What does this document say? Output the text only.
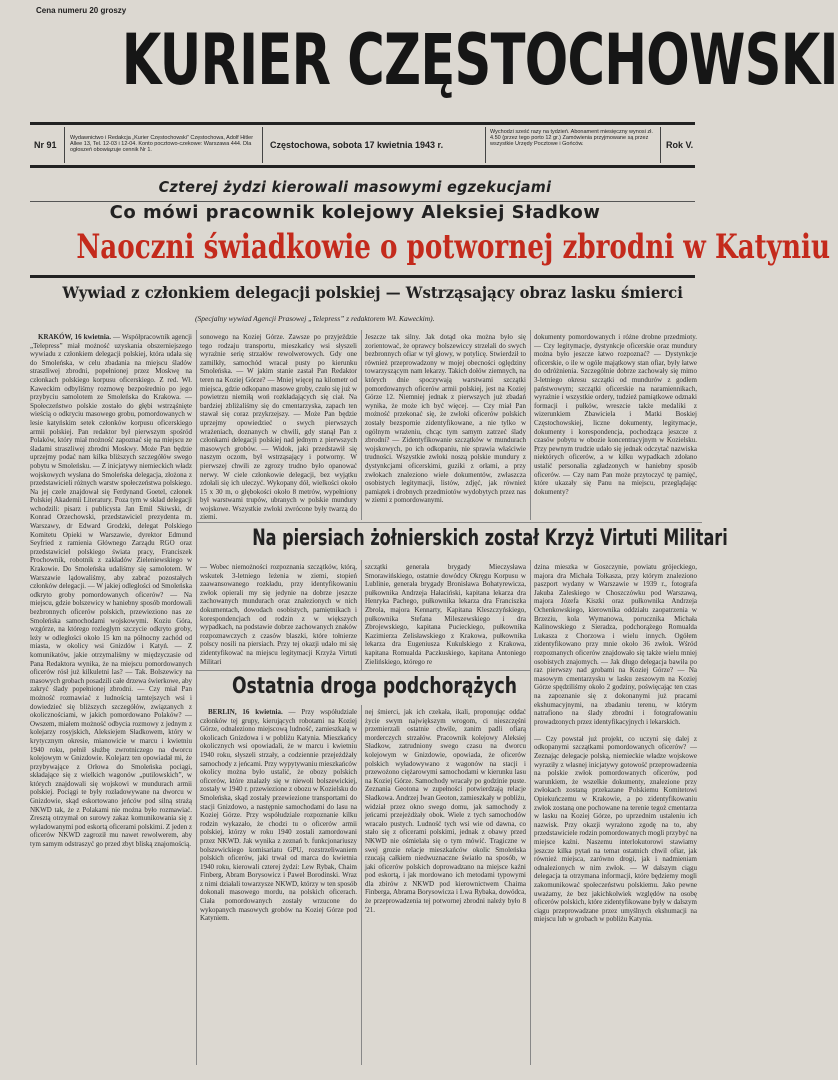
Cena numeru 20 groszy
KURIER CZĘSTOCHOWSKI
Nr 91
Wydawnictwo i Redakcja „Kurier Częstochowski” Częstochowa, Adolf Hitler Allee 13, Tel. 12-03 i 12-04. Konto pocztowo-czekowe: Warszawa 444. Dla ogłoszeń obowiązuje cennik Nr 1.
Częstochowa, sobota 17 kwietnia 1943 r.
Wychodzi sześć razy na tydzień. Abonament miesięczny wynosi zł. 4.50 (przez tego porto 12 gr.) Zamówienia przyjmowane są przez wszystkie Urzędy Pocztowe i Gońców.	Rok V.
Czterej żydzi kierowali masowymi egzekucjami
Co mówi pracownik kolejowy Aleksiej Sładkow
Naoczni świadkowie o potwornej zbrodni w Katyniu
Wywiad z członkiem delegacji polskiej — Wstrząsający obraz lasku śmierci
(Specjalny wywiad Agencji Prasowej „Telepress” z redaktorem Wł. Kaweckim).

KRAKÓW, 16 kwietnia. — Współpracownik agencji „Telepress” miał możność uzyskania obszerniejszego wywiadu z członkiem delegacji polskiej, która udała się do Smoleńska, w celu zbadania na miejscu śladów straszliwej zbrodni, popełnionej przez Moskwę na członkach polskiego korpusu oficerskiego. Z red. Wł. Kaweckim odbyliśmy rozmowę bezpośrednio po jego przybyciu samolotem ze Smoleńska do Krakowa. — Społeczeństwo polskie zostało do głębi wstrząśnięte wieścią o odkryciu masowego grobu, pomordowanych w lesie katyńskim setek członków korpusu oficerskiego armii polskiej. Pan redaktor był pierwszym spośród Polaków, który miał możność zapoznać się na miejscu ze śladami straszliwej zbrodni Moskwy. Może Pan będzie uprzejmy podać nam kilka bliższych szczegółów swego pobytu w Smoleńsku. — Z inicjatywy niemieckich władz wojskowych wysłana do Smoleńska delegacja, złożona z przedstawicieli różnych warstw społeczeństwa polskiego. Na jej czele znajdował się Ferdynand Goetel, członek Polskiej Akademii Literatury. Poza tym w skład delegacji wchodzili: pisarz i publicysta Jan Emil Skiwski, dr Konrad Orzechowski, przedstawiciel prezydenta m. Warszawy, dr Edward Grodzki, delegat Polskiego Komitetu Opieki w Warszawie, dyrektor Edmund Seyfried z ramienia Głównego Zarządu RGO oraz przedstawiciel polskiego świata pracy, Franciszek Prochownik, robotnik z zakładów Zieleniewskiego w Krakowie. Do Smoleńska udaliśmy się samolotem. W Warszawie lądowaliśmy, aby zabrać pozostałych członków delegacji. — W jakiej odległości od Smoleńska odkryto groby pomordowanych oficerów? — Na miejscu, gdzie bolszewicy w haniebny sposób mordowali bezbronnych oficerów polskich, przewieziono nas ze Smoleńska samochodami wojskowymi. Koziu Góra, wzgórze, na którego rozległym szczycie odkryto groby, leży w odległości około 15 km na północny zachód od miasta, w okolicy wsi Gnizdów i Katyń. — Z komunikatów, jakie otrzymaliśmy w międzyczasie od Pana Redaktora wynika, że na miejscu pomordowanych oficerów rósł już kilkuletni las? — Tak. Bolszewicy na masowych grobach posadzili całe drzewa świerkowe, aby zakryć ślady popełnionej zbrodni. — Czy miał Pan możność rozmawiać z ludnością tamtejszych wsi i dowiedzieć się bliższych szczegółów, związanych z okolicznościami, w jakich pomordowano Polaków? — Owszem, miałem możność odbycia rozmowy z jednym z kolejarzy rosyjskich, Aleksiejem Sładkowem, który w krytycznym okresie, mianowicie w marcu i kwietniu 1940 roku, pełnił służbę zwrotniczego na dworcu kolejowym w Gnizdowie. Kolejarz ten opowiadał mi, że przybywające z Orłowa do Smoleńska pociągi, składające się z wielkich wagonów „putilowskich”, w których znajdowali się wojskowi w mundurach armii polskiej. Pociągi te były rozładowywane na dworcu w Gnizdowie, skąd eskortowano jeńców pod silną strażą NKWD tak, że z Polakami nie można było rozmawiać. Zresztą otrzymał on surowy zakaz komunikowania się z wyładowanymi pod eskortą oficerami polskimi. Z jeden z oficerów NKWD zagroził mu nawet rewolwerem, aby tym samym odstraszyć go przed zbyt bliską znajomością.

sonowego na Koziej Górze. Zawsze po przyjeździe tego rodzaju transportu, mieszkańcy wsi słyszeli wyraźnie serię strzałów rewolwerowych. Gdy one zamilkły, samochód wracał pusty po kierunku Smoleńska. — W jakim stanie zastał Pan Redaktor teren na Koziej Górze? — Mniej więcej na kilometr od miejsca, gdzie odkopano masowe groby, czuło się już w powietrzu niemiłą woń rozkładających się ciał. Na bardziej zbliżaliśmy się do cmentarzyska, zapach ten stawał się coraz przykrzejszy. — Może Pan będzie uprzejmy opowiedzieć o swych pierwszych wrażeniach, doznanych w chwili, gdy stanął Pan z członkami delegacji polskiej nad jednym z pierwszych masowych grobów. — Widok, jaki przedstawił się naszym oczom, był wstrząsający i potworny. W pierwszej chwili ze zgrozy trudno było opanować nerwy. W ciele członkowie delegacji, bez wyjątku zdołali się ich uleczyć. Wykopany dół, wielkości około 15 x 30 m, o głębokości około 8 metrów, wypełniony był warstwami trupów, ubranych w polskie mundury wojskowe. Wszystkie zwłoki zwrócone były twarzą do ziemi.
Jeszcze tak silny. Jak dotąd oka można było się zorientować, że oprawcy bolszewiccy strzelali do swych bezbronnych ofiar w tył głowy, w potylicę. Stwierdził to również przeprowadzony w mojej obecności oględziny towarzyszącym nam lekarzy. Takich dołów ziemnych, na których dnie spoczywają warstwami szczątki pomordowanych oficerów armii polskiej, jest na Koziej Górze 12. Niemniej jednak z pierwszych już zbadań wynika, że może ich być więcej. — Czy miał Pan możność przekonać się, że zwłoki oficerów polskich zostały bezspornie zidentyfikowane, a nie tylko w ogólnym wrażeniu, chcąc tym samym zatrzeć ślady zbrodni? — Zidentyfikowanie szczątków w mundurach wojskowych, po ich odkopaniu, nie sprawia właściwie trudności. Wszystkie zwłoki noszą polskie mundury z dystynkcjami oficerskimi, guziki z orłami, a przy zwłokach znaleziono wiele dokumentów, zwłaszcza osobistych legitymacji, listów, zdjęć, jak również pamiątek i drobnych przedmiotów wydobytych przez nas w ziemi z pomordowanymi.
dokumenty pomordowanych i różne drobne przedmioty. — Czy legitymacje, dystynkcje oficerskie oraz mundury można było jeszcze łatwo rozpoznać? — Dystynkcje oficerskie, o ile w ogóle majątkowy stan ofiar, były łatwe do odróżnienia. Szczególnie dobrze zachowały się mimo 3-letniego okresu szczątki od mundurów z godłem państwowym; szczątki oficerskie na naramiennikach, wyrażnie i wszystkie ordery, tudzież pamiątkowe odznaki formacji i pułków, wreszcie także medaliki z wizerunkiem Zbawiciela i Matki Boskiej Częstochowskiej, liczne dokumenty, legitymacje, dokumenty i korespondencja, pochodząca jeszcze z czasów pobytu w obozie koncentracyjnym w Kozielsku. Przy pewnym trudzie udało się jednak odczytać nazwiska niektórych oficerów, a w kilku wypadkach zdołano ustalić personalia zgładzonych w haniebny sposób oficerów. — Czy nam Pan może przytoczyć tę pamięć, które ukazały się Panu na miejscu, przeglądając dokumenty?
Na piersiach żołnierskich został Krzyż Virtuti Militari
— Wobec niemożności rozpoznania szczątków, którą, wskutek 3-letniego leżenia w ziemi, stopień zaawansowanego rozkładu, przy identyfikowaniu zwłok opierali my się jedynie na dobrze jeszcze zachowanych mundurach oraz znalezionych w nich dokumentach, dowodach osobistych, pamiętnikach i korespondencjach od rodzin z w większych wypadkach, na podstawie dobrze zachowanych znaków rozpoznawczych z czasów blaszki, które tołnierze polscy nosili na piersiach. Przy tej okazji udało mi się zidentyfikować na miejscu legitymacji Krzyża Virtuti Militari
szczątki generała brygady Mieczysława Smorawińskiego, ostatnie dowódcy Okręgu Korpusu w Lublinie, generała brygady Bronisława Bohatyrewicza, pułkownika Andrzeja Hałaciński, kapitana lekarza dra Henryka Pachego, pułkownika lekarza dra Franciszka Zbrola, majora Kennarty, Kapitana Kleszczyńskiego, pułkownika Stefana Mileszewskiego i dra Zbrojewskiego, kapitana Pucieckiego, pułkownika Kazimierza Zelisławskiego z Krakowa, pułkownika lekarza dra Eugeniusza Kukulskiego z Krakowa, kapitana Romualda Paczkuskiego, kapitana Antoniego Zielińskiego, którego re
dzina mieszka w Goszczynie, powiatu grójeckiego, majora dra Michała Tołkasza, przy którym znaleziono paszport wydany w Warszawie w 1939 r., fotografa Jakuba Zaleskiego w Choszczówku pod Warszawą, majora Józefa Kiszki oraz pułkownika Andrzeja Ochenkowskiego, kierownika oddziału zaopatrzenia w Brzeziu, kola Wymanowa, porucznika Michała Kalinowskiego z Sieradza, podchorążego Romualda Lukasza z Chorzowa i wielu innych. Ogółem zidentyfikowano przy mnie około 36 zwłok. Wśród rozpoznanych oficerów znajdowało się także wielu mniej osobistych znajomych. — Jak długo delegacja bawiła po raz pierwszy nad grobami na Koziej Górze? — Na masowym cmentarzysku w lasku zeszowym na Koziej Górze spędziliśmy około 2 godziny, poświęcając ten czas na zapoznanie się z dokonanymi już pracami ekshumacyjnymi, na zbadaniu terenu, w którym natrafiono na ślady zbrodni i fotografowaniu prowadzonych przez identyfikacyjnych i lekarskich.

— Czy powstał już projekt, co uczyni się dalej z odkopanymi szczątkami pomordowanych oficerów? — Zeznając delegacje polską, niemieckie władze wojskowe wyraziły z własnej inicjatywy gotowość przeprowadzenia na polskie zwłok pomordowanych oficerów, pod warunkiem, że wszelkie dokumenty, znalezione przy zwłokach zostaną przekazane Polskiemu Komitetowi Opiekuńczemu w Krakowie, a po zidentyfikowaniu zwłok zostaną one pochowane na terenie tegoż cmentarza w lasku na Koziej Górze, po uprzednim ustaleniu ich nazwisk. Przy okazji wyrażono zgodę na to, aby przedstawiciele rodzin pomordowanych mogli przybyć na miejsce kaźni. Naszemu interlokutorowi stawiamy jeszcze kilka pytań na temat ostatnich chwil ofiar, jak również miejsca, zarówno drogi, jak i nadmieniam odnalezionych w nim zwłok. — W dalszym ciągu delegacja ta otrzymana informacji, które będziemy mogli zakomunikować społeczeństwu polskiemu. Jako pewne uważamy, że bez jakichkolwiek względów na osobę oficerów polskich, które zidentyfikowane były w dalszym ciągu przeprowadzane przez umyślnych ekshumacji na miejscu lub w grobach w pobliżu Katynia.
Ostatnia droga podchorążych

BERLIN, 16 kwietnia. — Przy współudziale członków tej grupy, kierujących robotami na Koziej Górze, odnaleziono miejscową ludność, zamieszkałą w okolicach Gnizdowa i w pobliżu Katynia. Mieszkańcy okolicznych wsi opowiadali, że w marcu i kwietniu 1940 roku, słyszeli strzały, a codziennie przejeżdżały samochody z jeńcami. Przy wypytywaniu mieszkańców okolicy można było ustalić, że obozy polskich oficerów, które znalazły się w niewoli bolszewickiej, zostały w 1940 r. przewiezione z obozu w Kozielsku do Smoleńska, skąd zostały przewiezione transportami do stacji Gnizdowo, a następnie samochodami do lasu na Koziej Górze. Przy współudziale rozpoznanie kilku rodzin wykazało, że chodzi tu o oficerów armii polskiej, którzy w roku 1940 zostali zamordowani przez NKWD. Jak wynika z zeznań b. funkcjonariuszy bolszewickiego komisariatu GPU, rozstrzeliwaniem polskich oficerów, jaki trwał od marca do kwietnia 1940 roku, kierowali czterej żydzi: Lew Rybak, Chaim Finberg, Abram Borysowicz i Paweł Borodinski. Wraz z nimi działali towarzysze NKWD, którzy w ten sposób dokonali masowego mordu, na polskich oficerach. Ciała pomordowanych zostały wrzucone do wykopanych masowych grobów na Koziej Górze pod Katyniem.

nej śmierci, jak ich czekała, ikali, proponując oddać życie swym największym wrogom, ci nieszczęśni przemierzali ostatnie chwile, zanim padli ofiarą morderczych strzałów. Pracownik kolejowy Aleksiej Sładkow, zatrudniony swego czasu na dworcu kolejowym w Gnizdowie, opowiada, że oficerów polskich wyładowywano z wagonów na stacji i przewożono ciężarowymi samochodami w kierunku lasu na Koziej Górze. Samochody wracały po godzinie puste. Zeznania Geotona w zupełności potwierdzają relacje Sładkowa. Andrzej Iwan Geoton, zamieszkały w pobliżu, widział przez okno swego domu, jak samochody z jeńcami przejeżdżały obok. Wiele z tych samochodów wracało pustych. Ludność tych wsi wie od dawna, co stało się z oficerami polskimi, jednak z obawy przed NKWD nie ośmielała się o tym mówić. Tragiczne w swej grozie relacje mieszkańców okolic Smoleńska rzucają całkiem niedwuznaczne światło na sposób, w jaki oficerów polskich doprowadzano na miejsce kaźni pod eskortą, i jak mordowano ich metodami typowymi dla zbirów z NKWD pod kierownictwem Chaima Finberga, Abrama Borysowicza i Lwa Rybaka, dowódca, że przeprowadzenia tej potwornej zbrodni należy było 8 '21.
